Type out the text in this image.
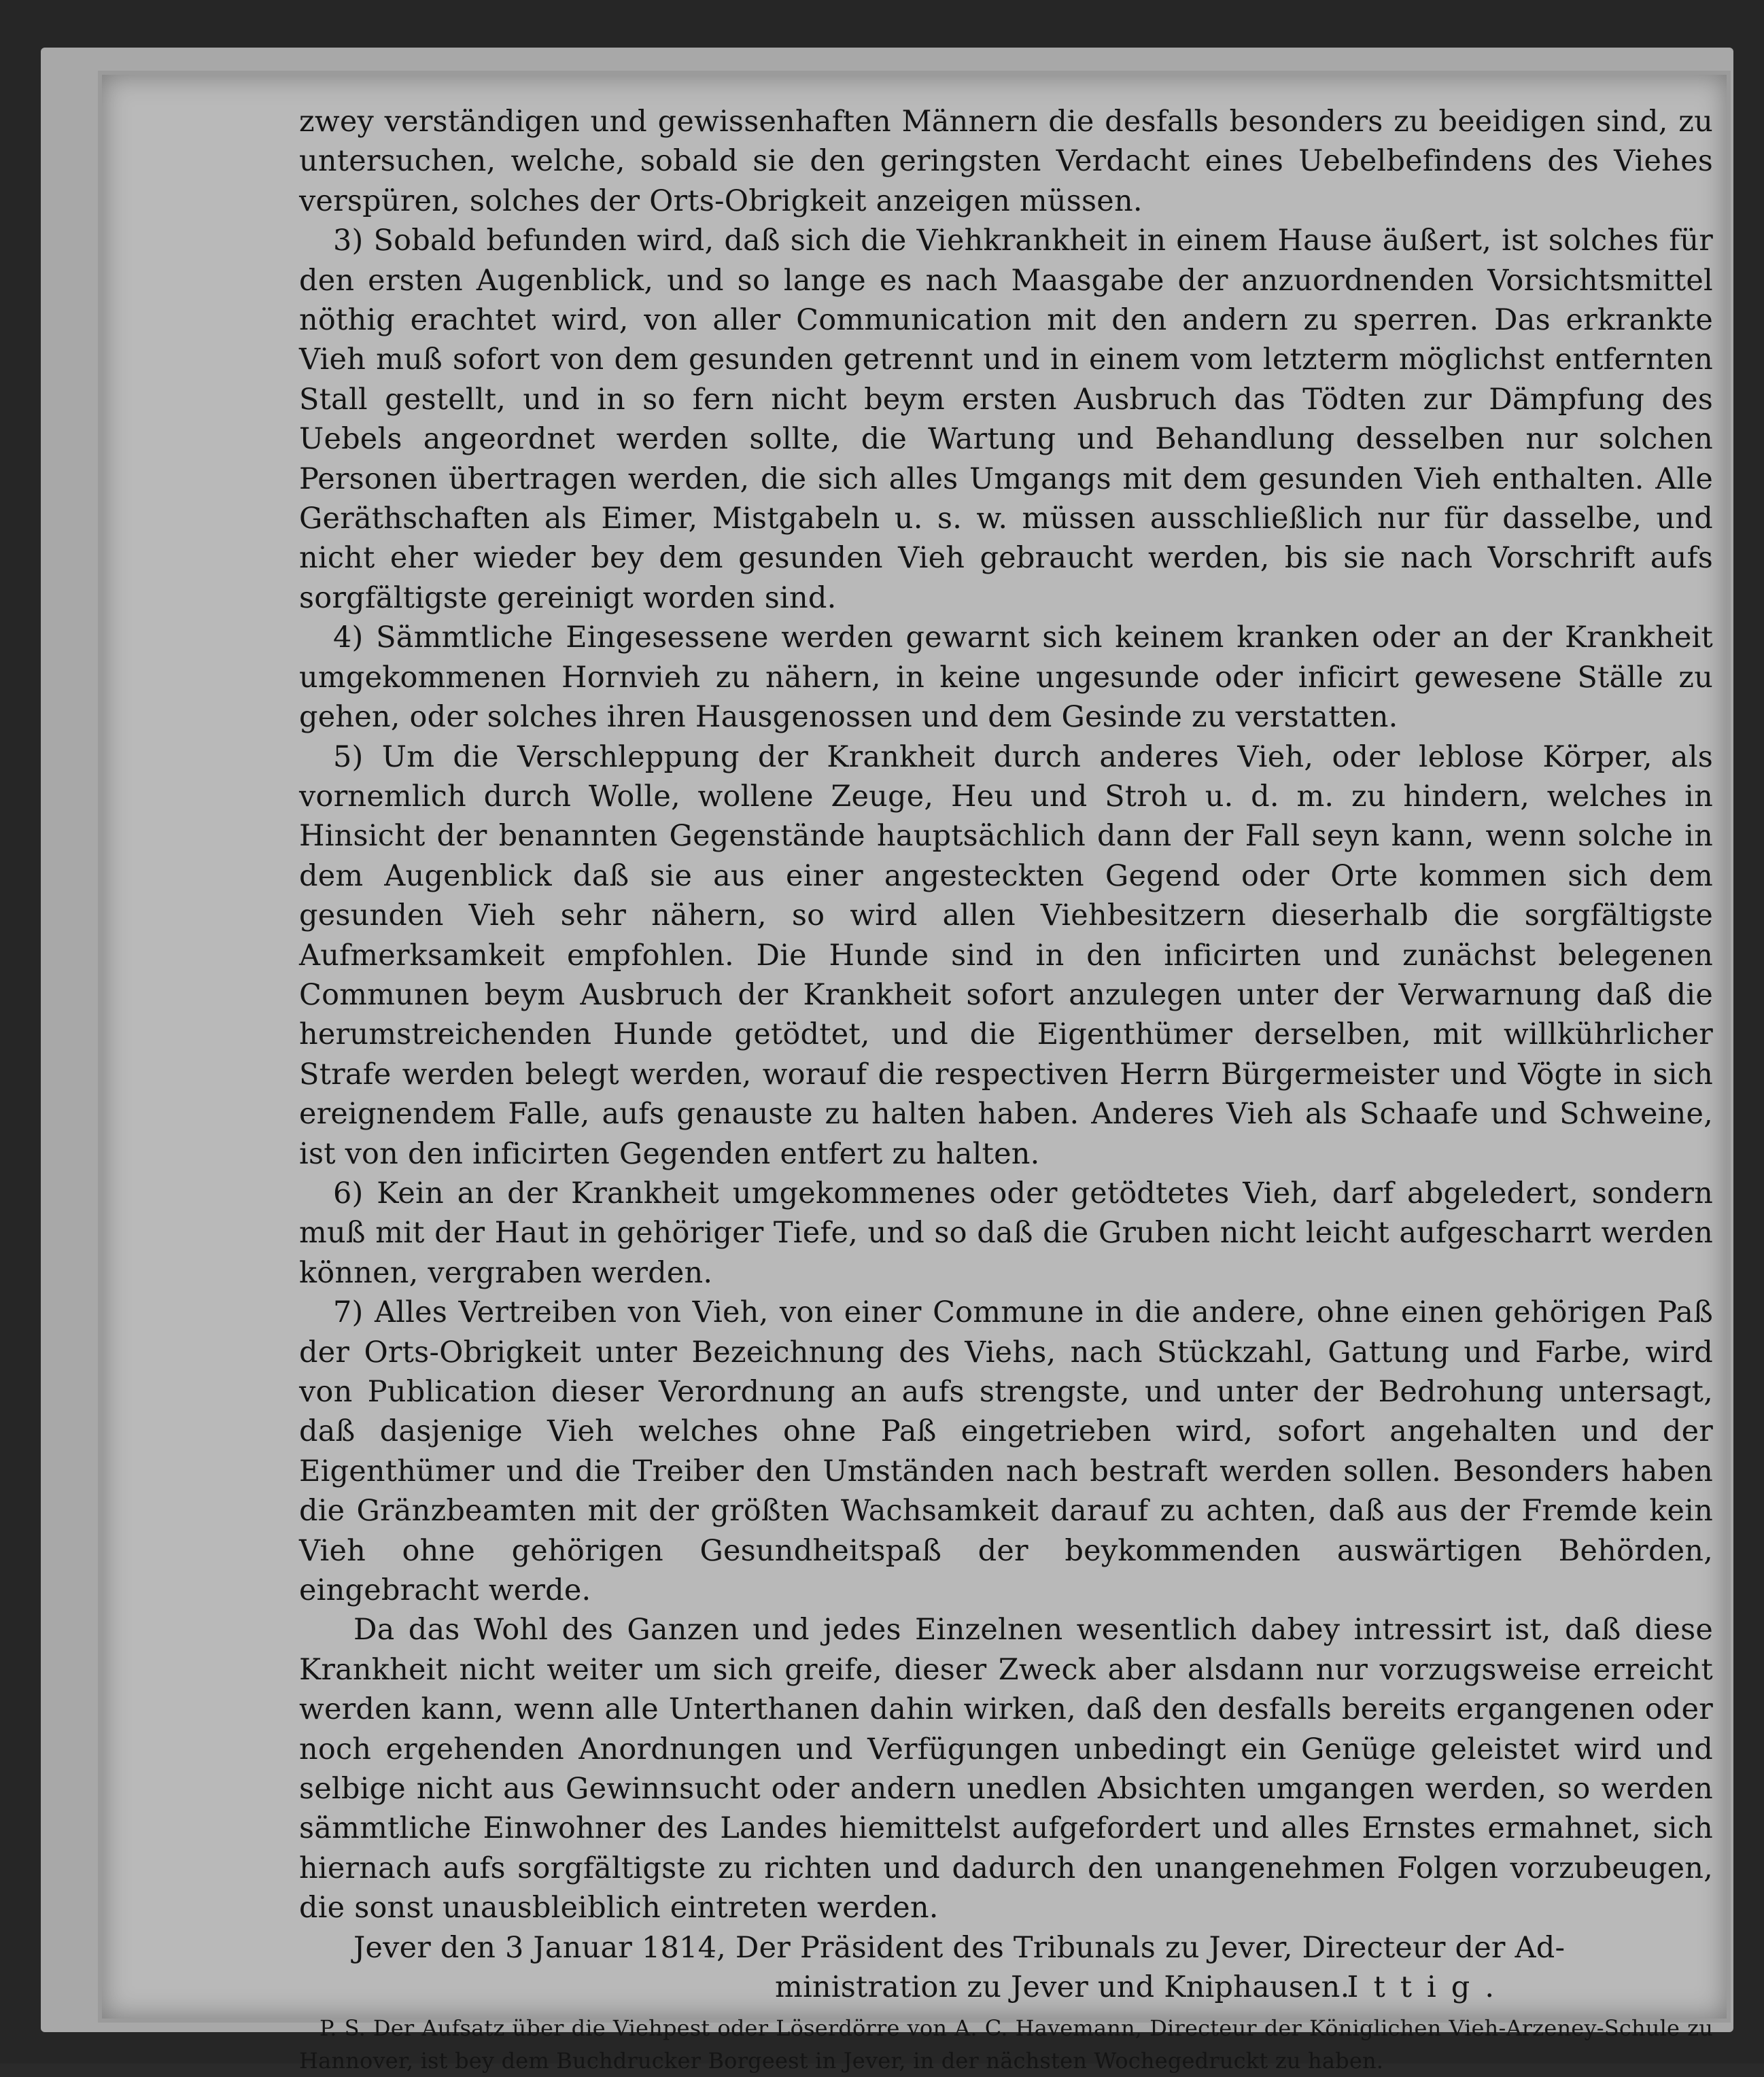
zwey verständigen und gewissenhaften Männern die desfalls besonders zu beeidigen sind, zu untersuchen, welche, sobald sie den geringsten Verdacht eines Uebelbefindens des Viehes verspüren, solches der Orts-Obrigkeit anzeigen müssen.

3) Sobald befunden wird, daß sich die Viehkrankheit in einem Hause äußert, ist solches für den ersten Augenblick, und so lange es nach Maasgabe der anzuordnenden Vorsichtsmittel nöthig erachtet wird, von aller Communication mit den andern zu sperren. Das erkrankte Vieh muß sofort von dem gesunden getrennt und in einem vom letzterm möglichst entfernten Stall gestellt, und in so fern nicht beym ersten Ausbruch das Tödten zur Dämpfung des Uebels angeordnet werden sollte, die Wartung und Behandlung desselben nur solchen Personen übertragen werden, die sich alles Umgangs mit dem gesunden Vieh enthalten. Alle Geräthschaften als Eimer, Mistgabeln u. s. w. müssen ausschließlich nur für dasselbe, und nicht eher wieder bey dem gesunden Vieh gebraucht werden, bis sie nach Vorschrift aufs sorgfältigste gereinigt worden sind.

4) Sämmtliche Eingesessene werden gewarnt sich keinem kranken oder an der Krankheit umgekommenen Hornvieh zu nähern, in keine ungesunde oder inficirt gewesene Ställe zu gehen, oder solches ihren Hausgenossen und dem Gesinde zu verstatten.

5) Um die Verschleppung der Krankheit durch anderes Vieh, oder leblose Körper, als vornemlich durch Wolle, wollene Zeuge, Heu und Stroh u. d. m. zu hindern, welches in Hinsicht der benannten Gegenstände hauptsächlich dann der Fall seyn kann, wenn solche in dem Augenblick daß sie aus einer angesteckten Gegend oder Orte kommen sich dem gesunden Vieh sehr nähern, so wird allen Viehbesitzern dieserhalb die sorgfältigste Aufmerksamkeit empfohlen. Die Hunde sind in den inficirten und zunächst belegenen Communen beym Ausbruch der Krankheit sofort anzulegen unter der Verwarnung daß die herumstreichenden Hunde getödtet, und die Eigenthümer derselben, mit willkührlicher Strafe werden belegt werden, worauf die respectiven Herrn Bürgermeister und Vögte in sich ereignendem Falle, aufs genauste zu halten haben. Anderes Vieh als Schaafe und Schweine, ist von den inficirten Gegenden entfert zu halten.

6) Kein an der Krankheit umgekommenes oder getödtetes Vieh, darf abgeledert, sondern muß mit der Haut in gehöriger Tiefe, und so daß die Gruben nicht leicht aufgescharrt werden können, vergraben werden.

7) Alles Vertreiben von Vieh, von einer Commune in die andere, ohne einen gehörigen Paß der Orts-Obrigkeit unter Bezeichnung des Viehs, nach Stückzahl, Gattung und Farbe, wird von Publication dieser Verordnung an aufs strengste, und unter der Bedrohung untersagt, daß dasjenige Vieh welches ohne Paß eingetrieben wird, sofort angehalten und der Eigenthümer und die Treiber den Umständen nach bestraft werden sollen. Besonders haben die Gränzbeamten mit der größten Wachsamkeit darauf zu achten, daß aus der Fremde kein Vieh ohne gehörigen Gesundheitspaß der beykommenden auswärtigen Behörden, eingebracht werde.

Da das Wohl des Ganzen und jedes Einzelnen wesentlich dabey intressirt ist, daß diese Krankheit nicht weiter um sich greife, dieser Zweck aber alsdann nur vorzugsweise erreicht werden kann, wenn alle Unterthanen dahin wirken, daß den desfalls bereits ergangenen oder noch ergehenden Anordnungen und Verfügungen unbedingt ein Genüge geleistet wird und selbige nicht aus Gewinnsucht oder andern unedlen Absichten umgangen werden, so werden sämmtliche Einwohner des Landes hiemittelst aufgefordert und alles Ernstes ermahnet, sich hiernach aufs sorgfältigste zu richten und dadurch den unangenehmen Folgen vorzubeugen, die sonst unausbleiblich eintreten werden.

Jever den 3 Januar 1814, Der Präsident des Tribunals zu Jever, Directeur der Ad-

ministration zu Jever und Kniphausen.
Ittig.

P. S. Der Aufsatz über die Viehpest oder Löserdörre von A. C. Havemann, Directeur der Königlichen Vieh-Arzeney-Schule zu Hannover, ist bey dem Buchdrucker Borgeest in Jever, in der nächsten Wochegedruckt zu haben.
